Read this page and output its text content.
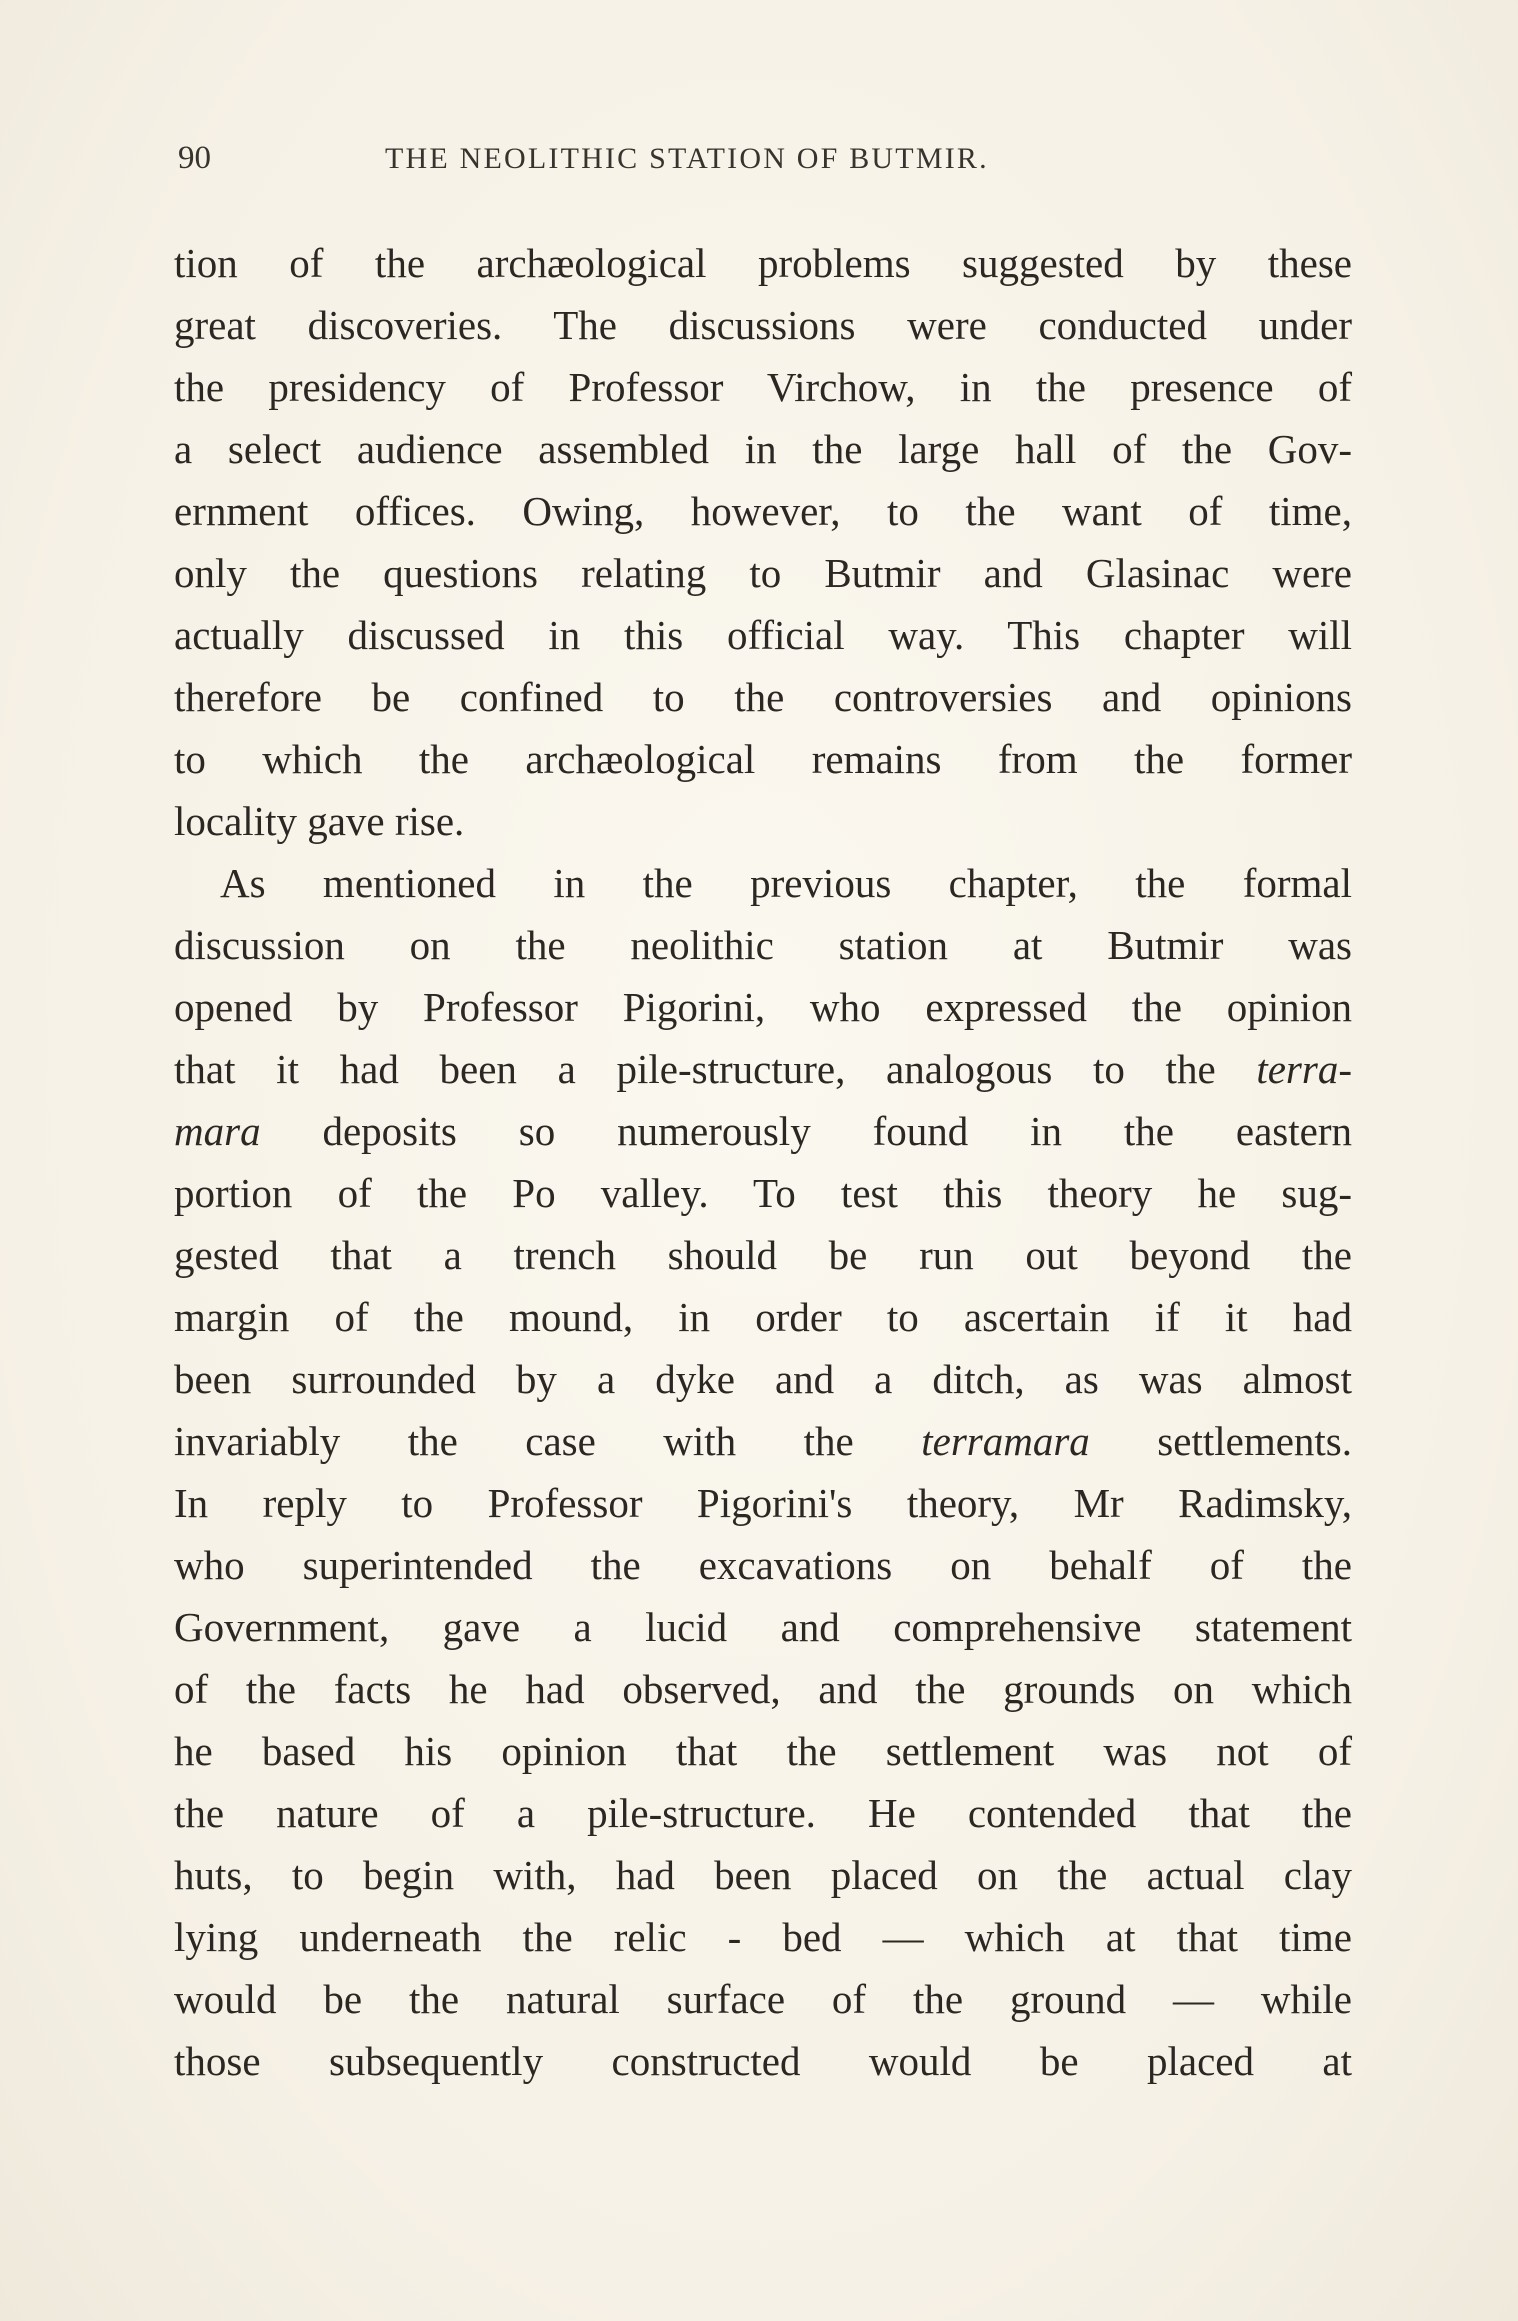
90	THE NEOLITHIC STATION OF BUTMIR.
tion of the archæological problems suggested by these
great discoveries. The discussions were conducted under
the presidency of Professor Virchow, in the presence of
a select audience assembled in the large hall of the Gov-
ernment offices. Owing, however, to the want of time,
only the questions relating to Butmir and Glasinac were
actually discussed in this official way. This chapter will
therefore be confined to the controversies and opinions
to which the archæological remains from the former
locality gave rise.
As mentioned in the previous chapter, the formal
discussion on the neolithic station at Butmir was
opened by Professor Pigorini, who expressed the opinion
that it had been a pile-structure, analogous to the terra-
mara deposits so numerously found in the eastern
portion of the Po valley. To test this theory he sug-
gested that a trench should be run out beyond the
margin of the mound, in order to ascertain if it had
been surrounded by a dyke and a ditch, as was almost
invariably the case with the terramara settlements.
In reply to Professor Pigorini's theory, Mr Radimsky,
who superintended the excavations on behalf of the
Government, gave a lucid and comprehensive statement
of the facts he had observed, and the grounds on which
he based his opinion that the settlement was not of
the nature of a pile-structure. He contended that the
huts, to begin with, had been placed on the actual clay
lying underneath the relic - bed — which at that time
would be the natural surface of the ground — while
those subsequently constructed would be placed at
